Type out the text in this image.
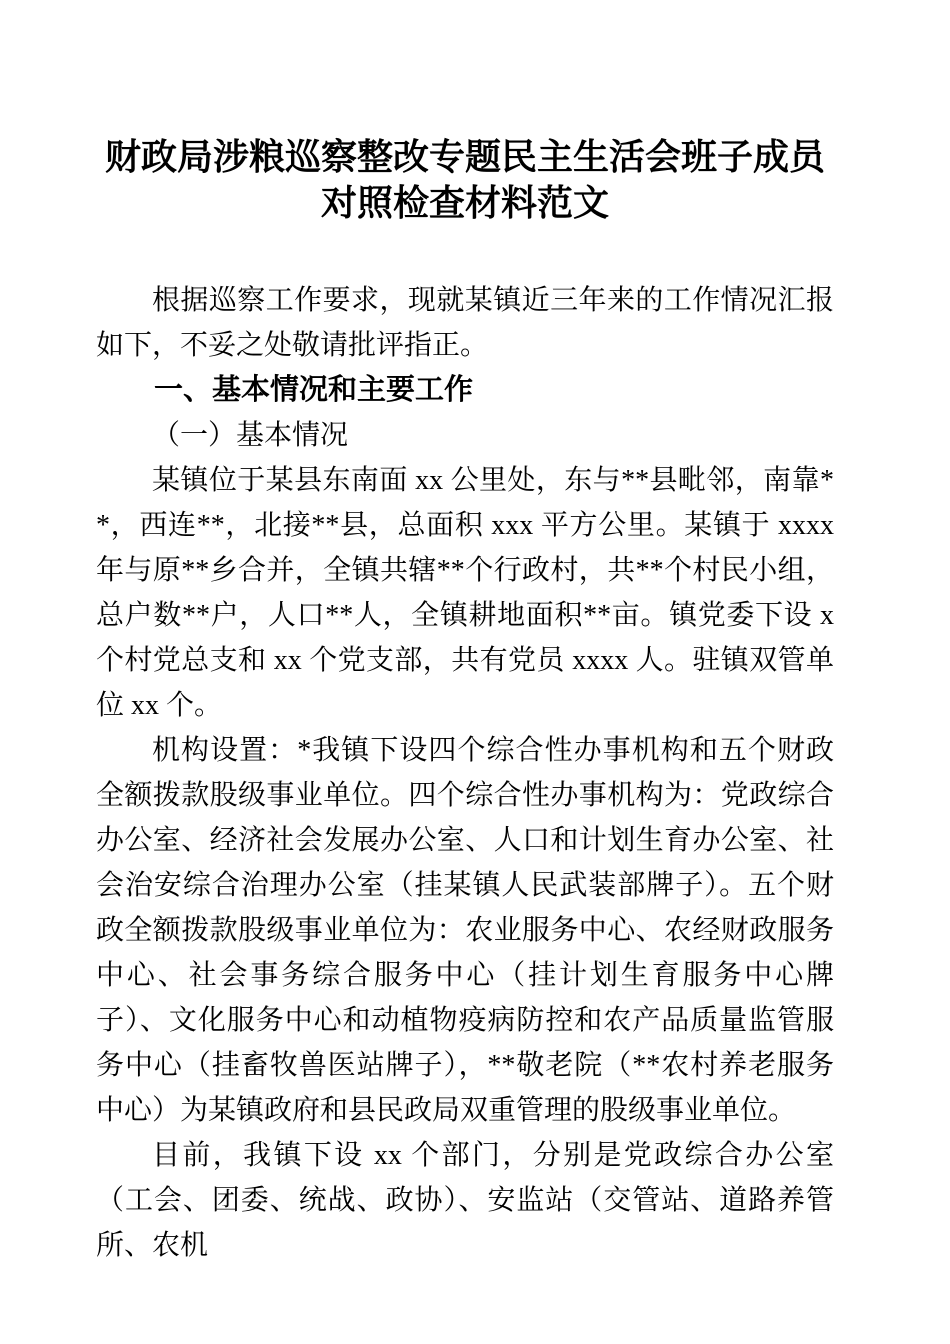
财政局涉粮巡察整改专题民主生活会班子成员对照检查材料范文

根据巡察工作要求，现就某镇近三年来的工作情况汇报如下，不妥之处敬请批评指正。

一、基本情况和主要工作
（一）基本情况

某镇位于某县东南面 xx 公里处，东与**县毗邻，南靠**，西连**，北接**县，总面积 xxx 平方公里。某镇于 xxxx 年与原**乡合并，全镇共辖**个行政村，共**个村民小组，总户数**户，人口**人，全镇耕地面积**亩。镇党委下设 x 个村党总支和 xx 个党支部，共有党员 xxxx 人。驻镇双管单位 xx 个。

机构设置：*我镇下设四个综合性办事机构和五个财政全额拨款股级事业单位。四个综合性办事机构为：党政综合办公室、经济社会发展办公室、人口和计划生育办公室、社会治安综合治理办公室（挂某镇人民武装部牌子）。五个财政全额拨款股级事业单位为：农业服务中心、农经财政服务中心、社会事务综合服务中心（挂计划生育服务中心牌子）、文化服务中心和动植物疫病防控和农产品质量监管服务中心（挂畜牧兽医站牌子），**敬老院（**农村养老服务中心）为某镇政府和县民政局双重管理的股级事业单位。

目前，我镇下设 xx 个部门，分别是党政综合办公室（工会、团委、统战、政协）、安监站（交管站、道路养管所、农机
